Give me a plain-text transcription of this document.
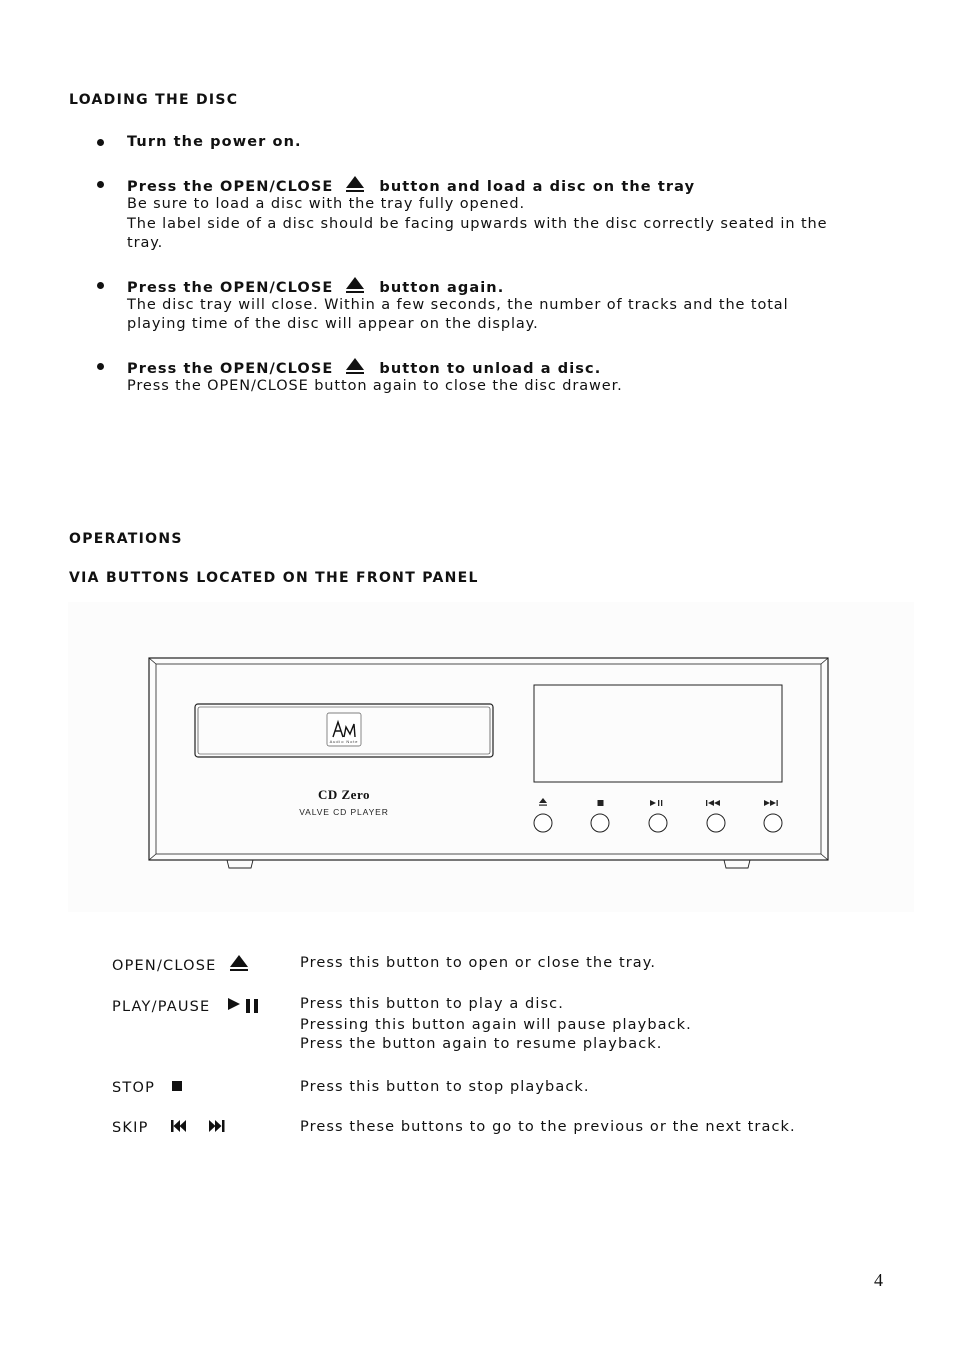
LOADING THE DISC
Turn the power on.
Press the OPEN/CLOSE	button and load a disc on the tray
Be sure to load a disc with the tray fully opened.
The label side of a disc should be facing upwards with the disc correctly seated in the
tray.
Press the OPEN/CLOSE	button again.
The disc tray will close. Within a few seconds, the number of tracks and the total
playing time of the disc will appear on the display.
Press the OPEN/CLOSE	button to unload a disc.
Press the OPEN/CLOSE button again to close the disc drawer.
OPERATIONS
VIA BUTTONS LOCATED ON THE FRONT PANEL
Audio Note
CD Zero
VALVE CD PLAYER
OPEN/CLOSE	Press this button to open or close the tray.
PLAY/PAUSE	Press this button to play a disc.
Pressing this button again will pause playback.
Press the button again to resume playback.
STOP	Press this button to stop playback.
SKIP	Press these buttons to go to the previous or the next track.
4
